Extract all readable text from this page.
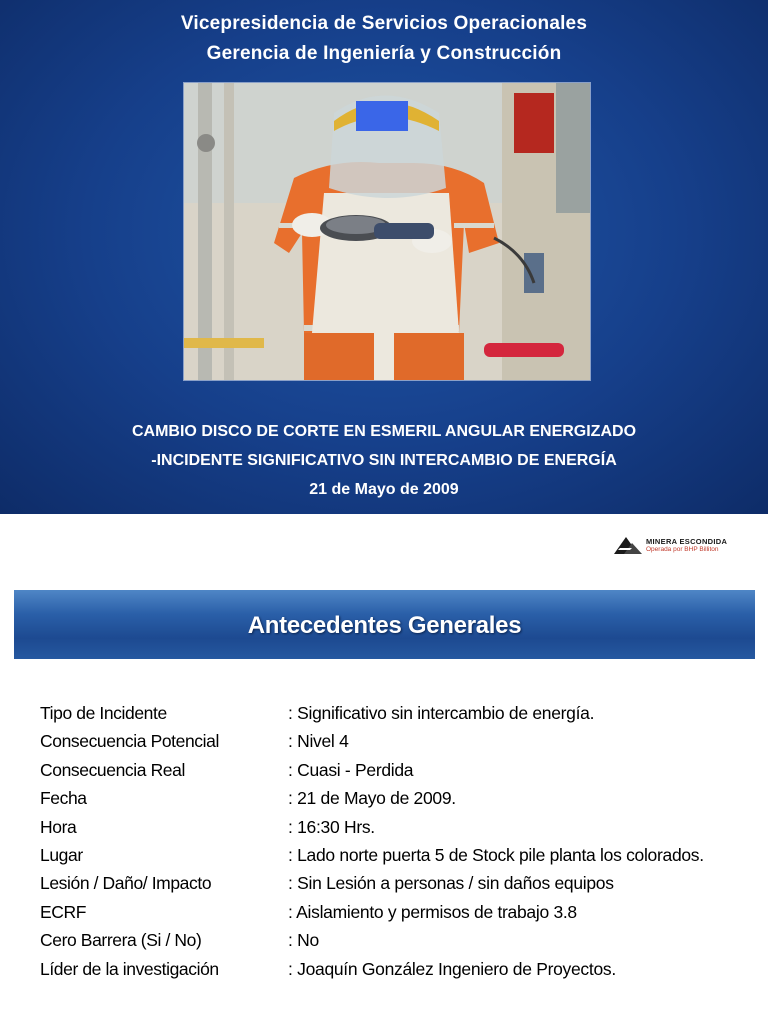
Vicepresidencia de Servicios Operacionales
Gerencia de Ingeniería y Construcción
CAMBIO DISCO DE CORTE EN ESMERIL ANGULAR ENERGIZADO
-INCIDENTE SIGNIFICATIVO SIN INTERCAMBIO DE ENERGÍA
21 de Mayo de 2009
MINERA ESCONDIDA
Operada por BHP Billiton
Antecedentes Generales
Tipo de Incidente	: Significativo sin intercambio de energía.
Consecuencia Potencial	: Nivel 4
Consecuencia Real	: Cuasi - Perdida
Fecha	: 21 de Mayo de 2009.
Hora	: 16:30 Hrs.
Lugar	: Lado norte puerta 5 de Stock pile planta los colorados.
Lesión / Daño/ Impacto	: Sin Lesión a personas / sin daños equipos
ECRF	: Aislamiento y permisos de trabajo 3.8
Cero Barrera (Si / No)	: No
Líder de la investigación	: Joaquín González Ingeniero de Proyectos.
